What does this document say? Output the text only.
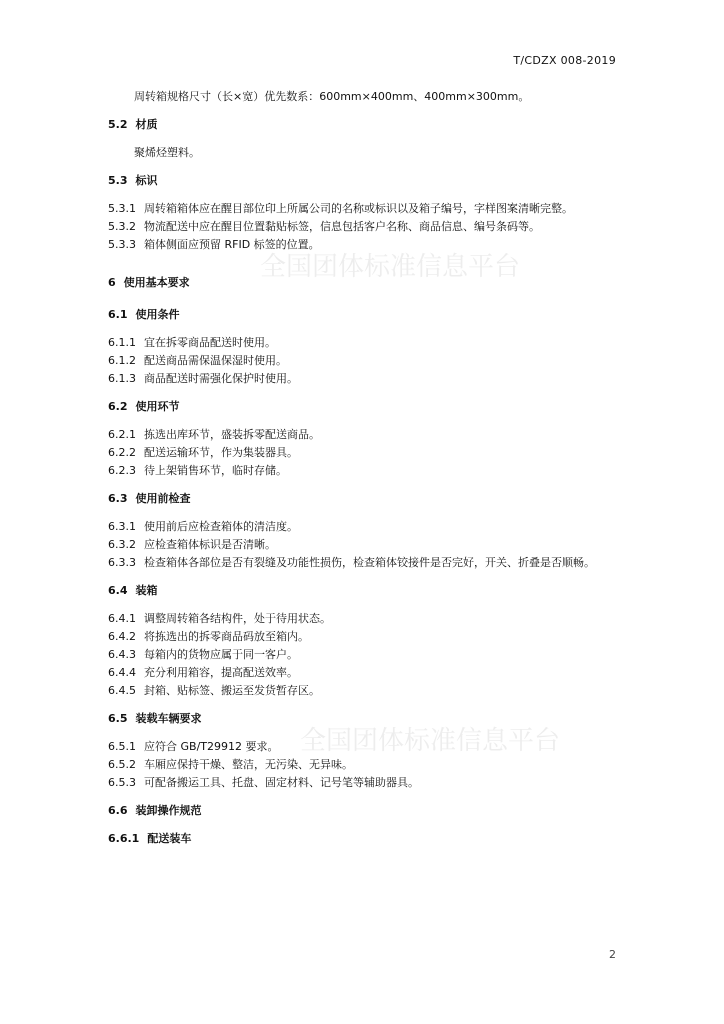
T/CDZX 008-2019
全国团体标准信息平台
全国团体标准信息平台

周转箱规格尺寸（长×宽）优先数系：600mm×400mm、400mm×300mm。

5.2 材质

聚烯烃塑料。

5.3 标识

5.3.1 周转箱箱体应在醒目部位印上所属公司的名称或标识以及箱子编号，字样图案清晰完整。

5.3.2 物流配送中应在醒目位置黏贴标签，信息包括客户名称、商品信息、编号条码等。

5.3.3 箱体侧面应预留 RFID 标签的位置。

6 使用基本要求

6.1 使用条件

6.1.1 宜在拆零商品配送时使用。

6.1.2 配送商品需保温保湿时使用。

6.1.3 商品配送时需强化保护时使用。

6.2 使用环节

6.2.1 拣选出库环节，盛装拆零配送商品。

6.2.2 配送运输环节，作为集装器具。

6.2.3 待上架销售环节，临时存储。

6.3 使用前检查

6.3.1 使用前后应检查箱体的清洁度。

6.3.2 应检查箱体标识是否清晰。

6.3.3 检查箱体各部位是否有裂缝及功能性损伤，检查箱体铰接件是否完好，开关、折叠是否顺畅。

6.4 装箱

6.4.1 调整周转箱各结构件，处于待用状态。

6.4.2 将拣选出的拆零商品码放至箱内。

6.4.3 每箱内的货物应属于同一客户。

6.4.4 充分利用箱容，提高配送效率。

6.4.5 封箱、贴标签、搬运至发货暂存区。

6.5 装载车辆要求

6.5.1 应符合 GB/T29912 要求。

6.5.2 车厢应保持干燥、整洁，无污染、无异味。

6.5.3 可配备搬运工具、托盘、固定材料、记号笔等辅助器具。

6.6 装卸操作规范

6.6.1 配送装车

2
